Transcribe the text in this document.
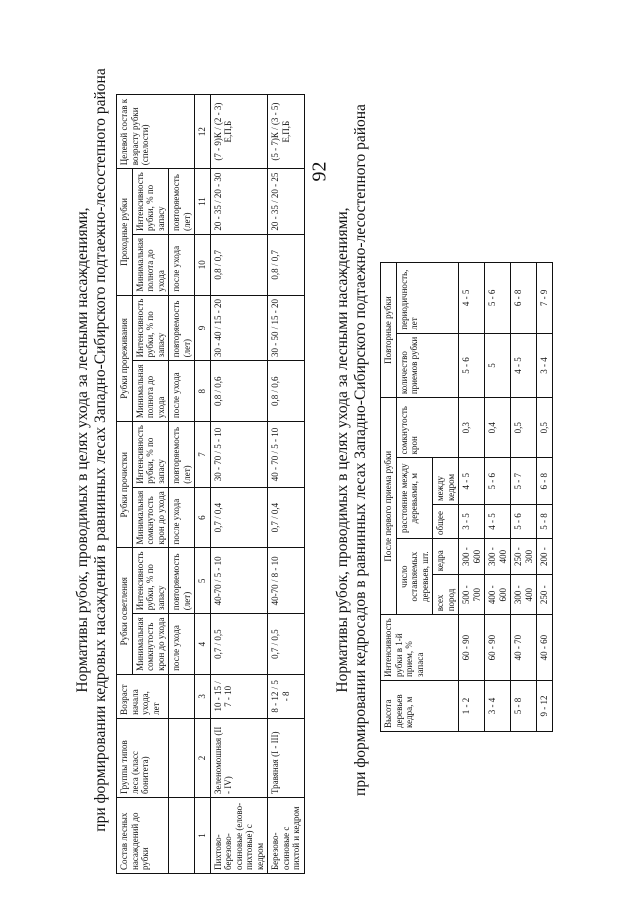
92
Нормативы рубок, проводимых в целях ухода за лесными насаждениями, при формировании кедровых насаждений в равнинных лесах Западно-Сибирского подтаежно-лесостепного района
Состав лесных насаждений до рубки	Группы типов леса (класс бонитета)	Возраст начала ухода, лет	Рубки осветления		Рубки прочистки		Рубки прореживания		Проходные рубки		Целевой состав к возрасту рубки (спелости)
			Минимальная сомкнутость крон до ухода	Интенсивность рубки, % по запасу	Минимальная сомкнутость крон до ухода	Интенсивность рубки, % по запасу	Минимальная полнота до ухода	Интенсивность рубки, % по запасу	Минимальная полнота до ухода	Интенсивность рубки, % по запасу	
			после ухода	повторяемость (лет)	после ухода	повторяемость (лет)	после ухода	повторяемость (лет)	после ухода	повторяемость (лет)	
1	2	3	4	5	6	7	8	9	10	11	12
Пихтово-березово-осиновые (елово-пихтовые) с кедром	Зеленомошная (II - IV)	10 - 15 / 7 - 10	0,7 / 0,5	40-70 / 5 - 10	0,7 / 0,4	30 - 70 / 5 - 10	0,8 / 0,6	30 - 40 / 15 - 20	0,8 / 0,7	20 - 35 / 20 - 30	(7 - 9)К / (2 - 3) Е,П,Б
Березово-осиновые с пихтой и кедром	Травяная (I - III)	8 - 12 / 5 - 8	0,7 / 0,5	40-70 / 8 - 10	0,7 / 0,4	40 - 70 / 5 - 10	0,8 / 0,6	30 - 50 / 15 - 20	0,8 / 0,7	20 - 35 / 20 - 25	(5 - 7)К / (3 - 5) Е,П,Б
Нормативы рубок, проводимых в целях ухода за лесными насаждениями, при формировании кедросадов в равнинных лесах Западно-Сибирского подтаежно-лесостепного района Высота деревьев кедра, м	Интенсивность рубки в 1-й прием, % запаса	После первого приема рубки					Повторные рубки	
		число оставляемых деревьев, шт.		расстояние между деревьями, м		сомкнутость крон	количество приемов рубки	периодичность, лет
		всех пород	кедра	общее	между кедром			
1 - 2	60 - 90	500 - 700	300 - 600	3 - 5	4 - 5	0,3	5 - 6	4 - 5
3 - 4	60 - 90	400 - 600	300 - 400	4 - 5	5 - 6	0,4	5	5 - 6
5 - 8	40 - 70	300 - 400	250 - 300	5 - 6	5 - 7	0,5	4 - 5	6 - 8
9 - 12	40 - 60	250 -	200 -	5 - 8	6 - 8	0,5	3 - 4	7 - 9
